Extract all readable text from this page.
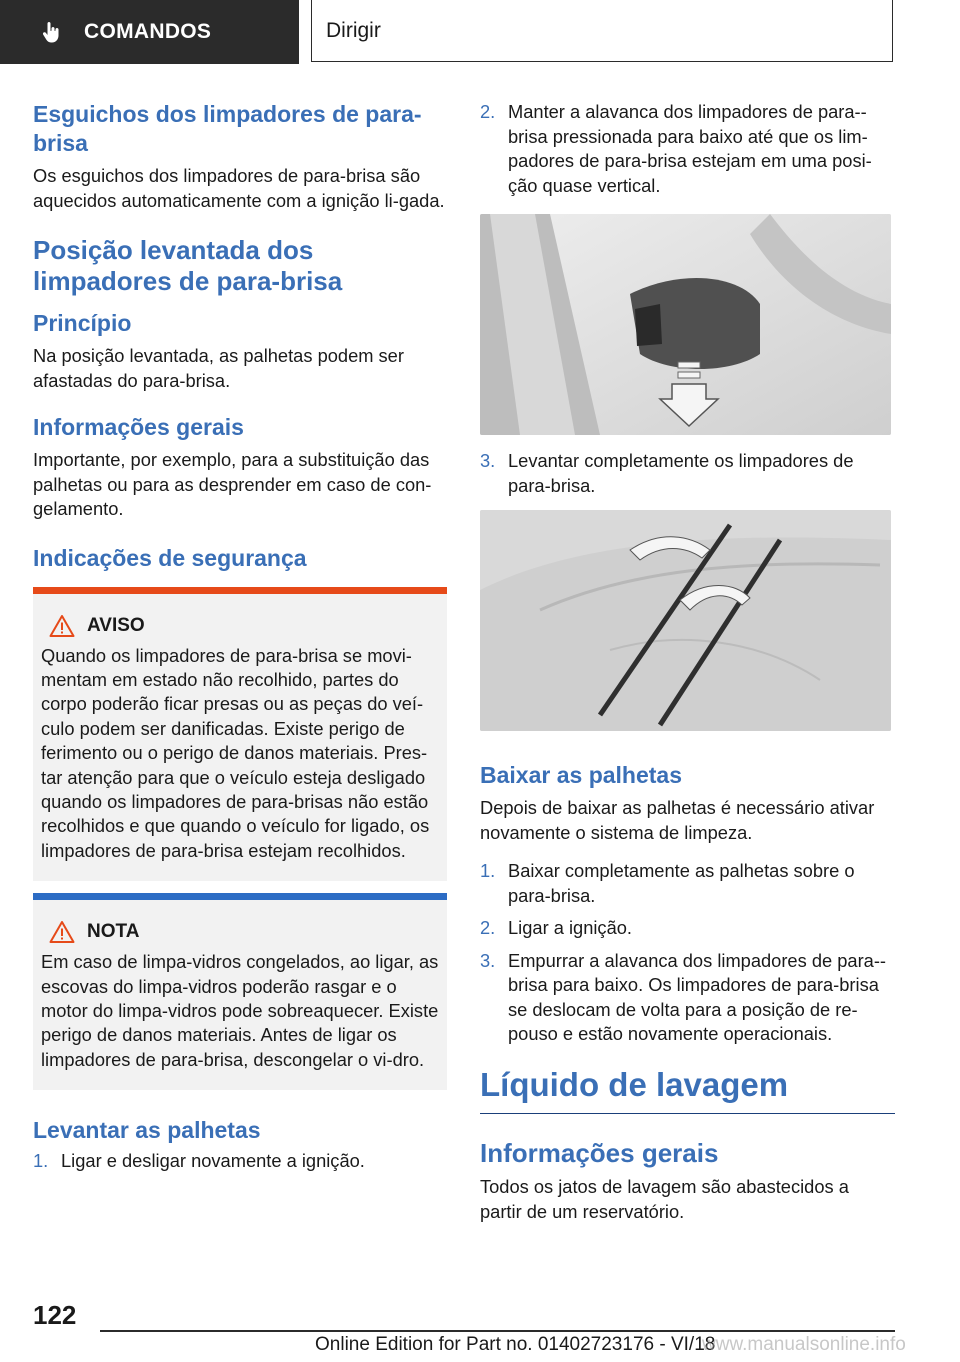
COMANDOS	Dirigir
Esguichos dos limpadores de para-brisa

Os esguichos dos limpadores de para-brisa são aquecidos automaticamente com a ignição li-gada.

Posição levantada dos limpadores de para-brisa
Princípio

Na posição levantada, as palhetas podem ser afastadas do para-brisa.

Informações gerais

Importante, por exemplo, para a substituição das palhetas ou para as desprender em caso de con-gelamento.

Indicações de segurança
AVISO

Quando os limpadores de para-brisa se movi-mentam em estado não recolhido, partes do corpo poderão ficar presas ou as peças do veí-culo podem ser danificadas. Existe perigo de ferimento ou o perigo de danos materiais. Pres-tar atenção para que o veículo esteja desligado quando os limpadores de para-brisas não estão recolhidos e que quando o veículo for ligado, os limpadores de para-brisa estejam recolhidos.

NOTA

Em caso de limpa-vidros congelados, ao ligar, as escovas do limpa-vidros poderão rasgar e o motor do limpa-vidros pode sobreaquecer. Existe perigo de danos materiais. Antes de ligar os limpadores de para-brisa, descongelar o vi-dro.

Levantar as palhetas
1. Ligar e desligar novamente a ignição.
2. Manter a alavanca dos limpadores de para--brisa pressionada para baixo até que os lim-padores de para-brisa estejam em uma posi-ção quase vertical.
3. Levantar completamente os limpadores de para-brisa.
Baixar as palhetas

Depois de baixar as palhetas é necessário ativar novamente o sistema de limpeza.

1. Baixar completamente as palhetas sobre o para-brisa.
2. Ligar a ignição.
3. Empurrar a alavanca dos limpadores de para--brisa para baixo. Os limpadores de para-brisa se deslocam de volta para a posição de re-pouso e estão novamente operacionais.
Líquido de lavagem
Informações gerais

Todos os jatos de lavagem são abastecidos a partir de um reservatório.

122
Online Edition for Part no. 01402723176 - VI/18
www.manualsonline.info
